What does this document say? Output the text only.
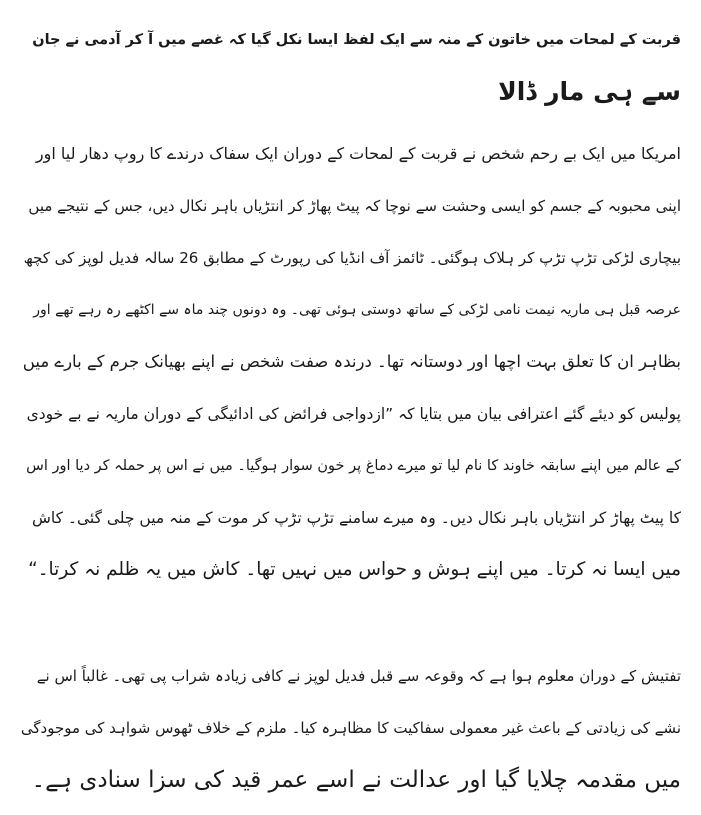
قربت کے لمحات میں خاتون کے منہ سے ایک لفظ ایسا نکل گیا کہ غصے میں آ کر آدمی نے جان
سے ہی مار ڈالا

امریکا میں ایک بے رحم شخص نے قربت کے لمحات کے دوران ایک سفاک درندے کا روپ دھار لیا اور
اپنی محبوبہ کے جسم کو ایسی وحشت سے نوچا کہ پیٹ پھاڑ کر انتڑیاں باہر نکال دیں، جس کے نتیجے میں
بیچاری لڑکی تڑپ تڑپ کر ہلاک ہوگئی۔ ٹائمز آف انڈیا کی رپورٹ کے مطابق 26 سالہ فدیل لوپز کی کچھ
عرصہ قبل ہی ماریہ نیمت نامی لڑکی کے ساتھ دوستی ہوئی تھی۔ وہ دونوں چند ماہ سے اکٹھے رہ رہے تھے اور
بظاہر ان کا تعلق بہت اچھا اور دوستانہ تھا۔ درندہ صفت شخص نے اپنے بھیانک جرم کے بارے میں
پولیس کو دیئے گئے اعترافی بیان میں بتایا کہ ”ازدواجی فرائض کی ادائیگی کے دوران ماریہ نے بے خودی
کے عالم میں اپنے سابقہ خاوند کا نام لیا تو میرے دماغ پر خون سوار ہوگیا۔ میں نے اس پر حملہ کر دیا اور اس
کا پیٹ پھاڑ کر انتڑیاں باہر نکال دیں۔ وہ میرے سامنے تڑپ تڑپ کر موت کے منہ میں چلی گئی۔ کاش
میں ایسا نہ کرتا۔ میں اپنے ہوش و حواس میں نہیں تھا۔ کاش میں یہ ظلم نہ کرتا۔“

تفتیش کے دوران معلوم ہوا ہے کہ وقوعہ سے قبل فدیل لوپز نے کافی زیادہ شراب پی تھی۔ غالباً اس نے
نشے کی زیادتی کے باعث غیر معمولی سفاکیت کا مظاہرہ کیا۔ ملزم کے خلاف ٹھوس شواہد کی موجودگی
میں مقدمہ چلایا گیا اور عدالت نے اسے عمر قید کی سزا سنادی ہے۔
